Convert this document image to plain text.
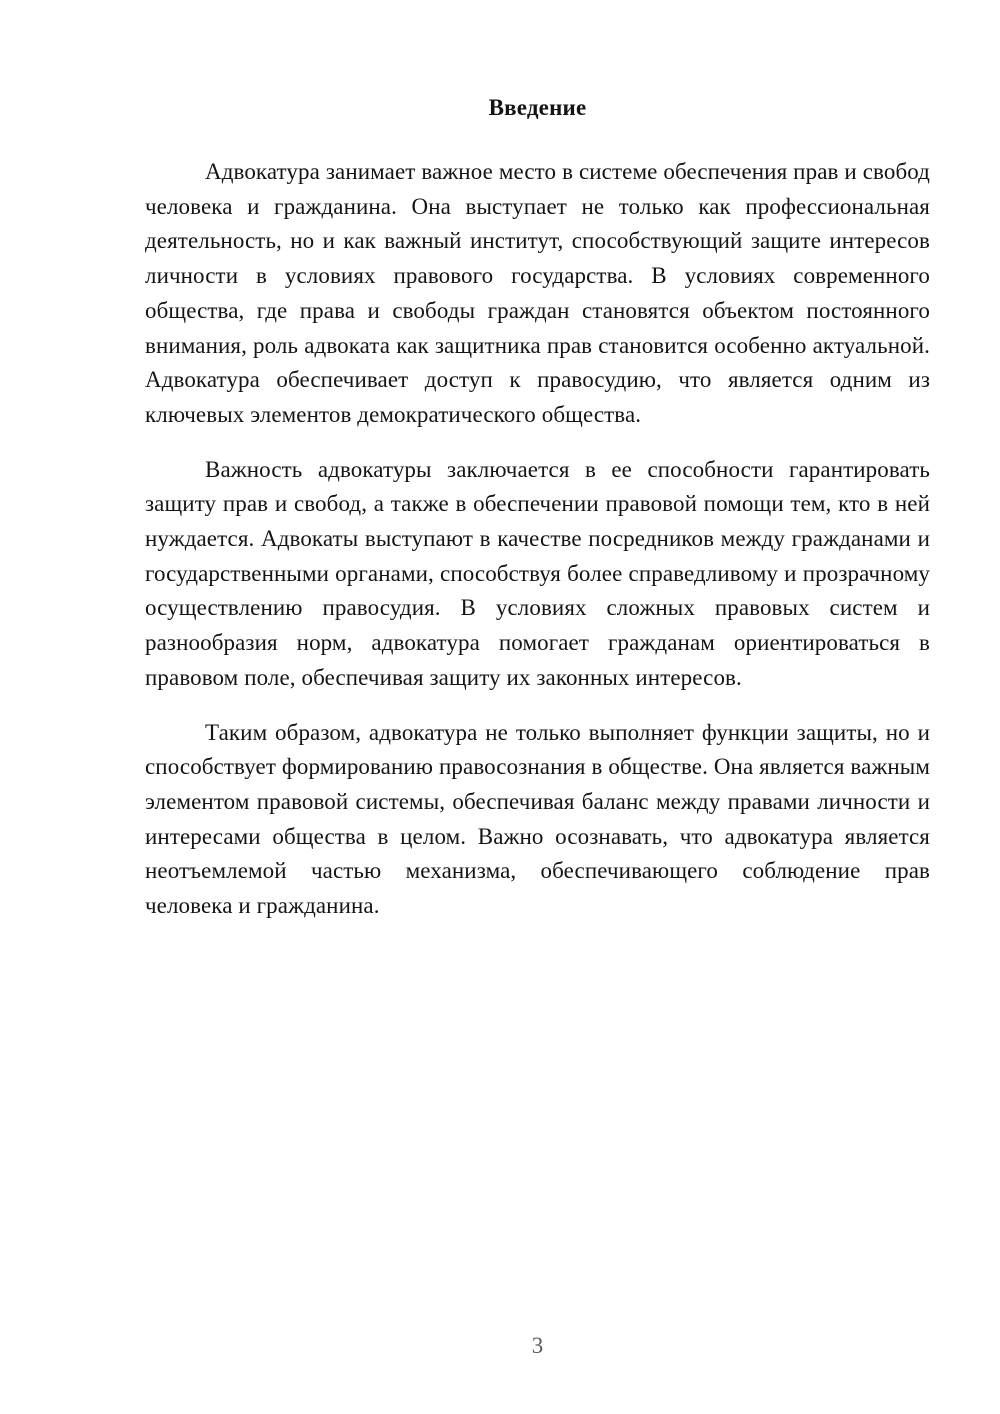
Введение

Адвокатура занимает важное место в системе обеспечения прав и свобод человека и гражданина. Она выступает не только как профессиональная деятельность, но и как важный институт, способствующий защите интересов личности в условиях правового государства. В условиях современного общества, где права и свободы граждан становятся объектом постоянного внимания, роль адвоката как защитника прав становится особенно актуальной. Адвокатура обеспечивает доступ к правосудию, что является одним из ключевых элементов демократического общества.

Важность адвокатуры заключается в ее способности гарантировать защиту прав и свобод, а также в обеспечении правовой помощи тем, кто в ней нуждается. Адвокаты выступают в качестве посредников между гражданами и государственными органами, способствуя более справедливому и прозрачному осуществлению правосудия. В условиях сложных правовых систем и разнообразия норм, адвокатура помогает гражданам ориентироваться в правовом поле, обеспечивая защиту их законных интересов.

Таким образом, адвокатура не только выполняет функции защиты, но и способствует формированию правосознания в обществе. Она является важным элементом правовой системы, обеспечивая баланс между правами личности и интересами общества в целом. Важно осознавать, что адвокатура является неотъемлемой частью механизма, обеспечивающего соблюдение прав человека и гражданина.

3
